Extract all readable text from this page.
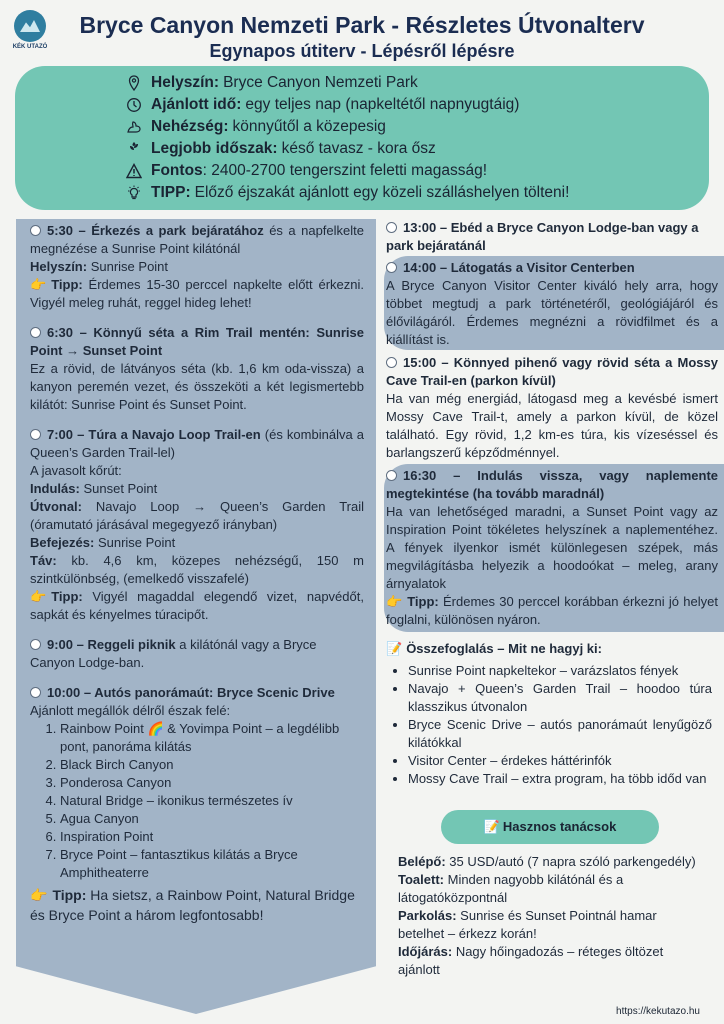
KÉK UTAZÓ
Bryce Canyon Nemzeti Park - Részletes Útvonalterv
Egynapos útiterv - Lépésről lépésre
Helyszín: Bryce Canyon Nemzeti Park
Ajánlott idő: egy teljes nap (napkeltétől napnyugtáig)
Nehézség: könnyűtől a közepesig
Legjobb időszak: késő tavasz - kora ősz
Fontos : 2400-2700 tengerszint feletti magasság!
TIPP: Előző éjszakát ajánlott egy közeli szálláshelyen tölteni!

5:30 – Érkezés a park bejáratához és a napfelkelte megnézése a Sunrise Point kilátónál

Helyszín: Sunrise Point

👉 Tipp: Érdemes 15-30 perccel napkelte előtt érkezni. Vigyél meleg ruhát, reggel hideg lehet!

6:30 – Könnyű séta a Rim Trail mentén: Sunrise Point → Sunset Point

Ez a rövid, de látványos séta (kb. 1,6 km oda-vissza) a kanyon peremén vezet, és összeköti a két legismertebb kilátót: Sunrise Point és Sunset Point.

7:00 – Túra a Navajo Loop Trail-en (és kombinálva a Queen’s Garden Trail-lel)

A javasolt kőrút:

Indulás: Sunset Point

Útvonal: Navajo Loop → Queen’s Garden Trail (óramutató járásával megegyező irányban)

Befejezés: Sunrise Point

Táv: kb. 4,6 km, közepes nehézségű, 150 m szintkülönbség, (emelkedő visszafelé)

👉 Tipp: Vigyél magaddal elegendő vizet, napvédőt, sapkát és kényelmes túracipőt.

9:00 – Reggeli piknik a kilátónál vagy a Bryce Canyon Lodge-ban.

10:00 – Autós panorámaút: Bryce Scenic Drive

Ajánlott megállók délről észak felé:

1. Rainbow Point 🌈 & Yovimpa Point – a legdélibb pont, panoráma kilátás
2. Black Birch Canyon
3. Ponderosa Canyon
4. Natural Bridge – ikonikus természetes ív
5. Agua Canyon
6. Inspiration Point
7. Bryce Point – fantasztikus kilátás a Bryce Amphitheaterre

👉 Tipp: Ha sietsz, a Rainbow Point, Natural Bridge és Bryce Point a három legfontosabb!

13:00 – Ebéd a Bryce Canyon Lodge-ban vagy a park bejáratánál

14:00 – Látogatás a Visitor Centerben

A Bryce Canyon Visitor Center kiváló hely arra, hogy többet megtudj a park történetéről, geológiájáról és élővilágáról. Érdemes megnézni a rövidfilmet és a kiállítást is.

15:00 – Könnyed pihenő vagy rövid séta a Mossy Cave Trail-en (parkon kívül)

Ha van még energiád, látogasd meg a kevésbé ismert Mossy Cave Trail-t, amely a parkon kívül, de közel található. Egy rövid, 1,2 km-es túra, kis vízeséssel és barlangszerű képződménnyel.

16:30 – Indulás vissza, vagy naplemente megtekintése (ha tovább maradnál)

Ha van lehetőséged maradni, a Sunset Point vagy az Inspiration Point tökéletes helyszínek a naplementéhez. A fények ilyenkor ismét különlegesen szépek, más megvilágításba helyezik a hoodoókat – meleg, arany árnyalatok

👉 Tipp: Érdemes 30 perccel korábban érkezni jó helyet foglalni, különösen nyáron.

📝 Összefoglalás – Mit ne hagyj ki:

• Sunrise Point napkeltekor – varázslatos fények
• Navajo + Queen’s Garden Trail – hoodoo túra klasszikus útvonalon
• Bryce Scenic Drive – autós panorámaút lenyűgöző kilátókkal
• Visitor Center – érdekes háttérinfók
• Mossy Cave Trail – extra program, ha több időd van
📝 Hasznos tanácsok

Belépő: 35 USD/autó (7 napra szóló parkengedély)

Toalett: Minden nagyobb kilátónál és a látogatóközpontnál

Parkolás: Sunrise és Sunset Pointnál hamar betelhet – érkezz korán!

Időjárás: Nagy hőingadozás – réteges öltözet ajánlott

https://kekutazo.hu
